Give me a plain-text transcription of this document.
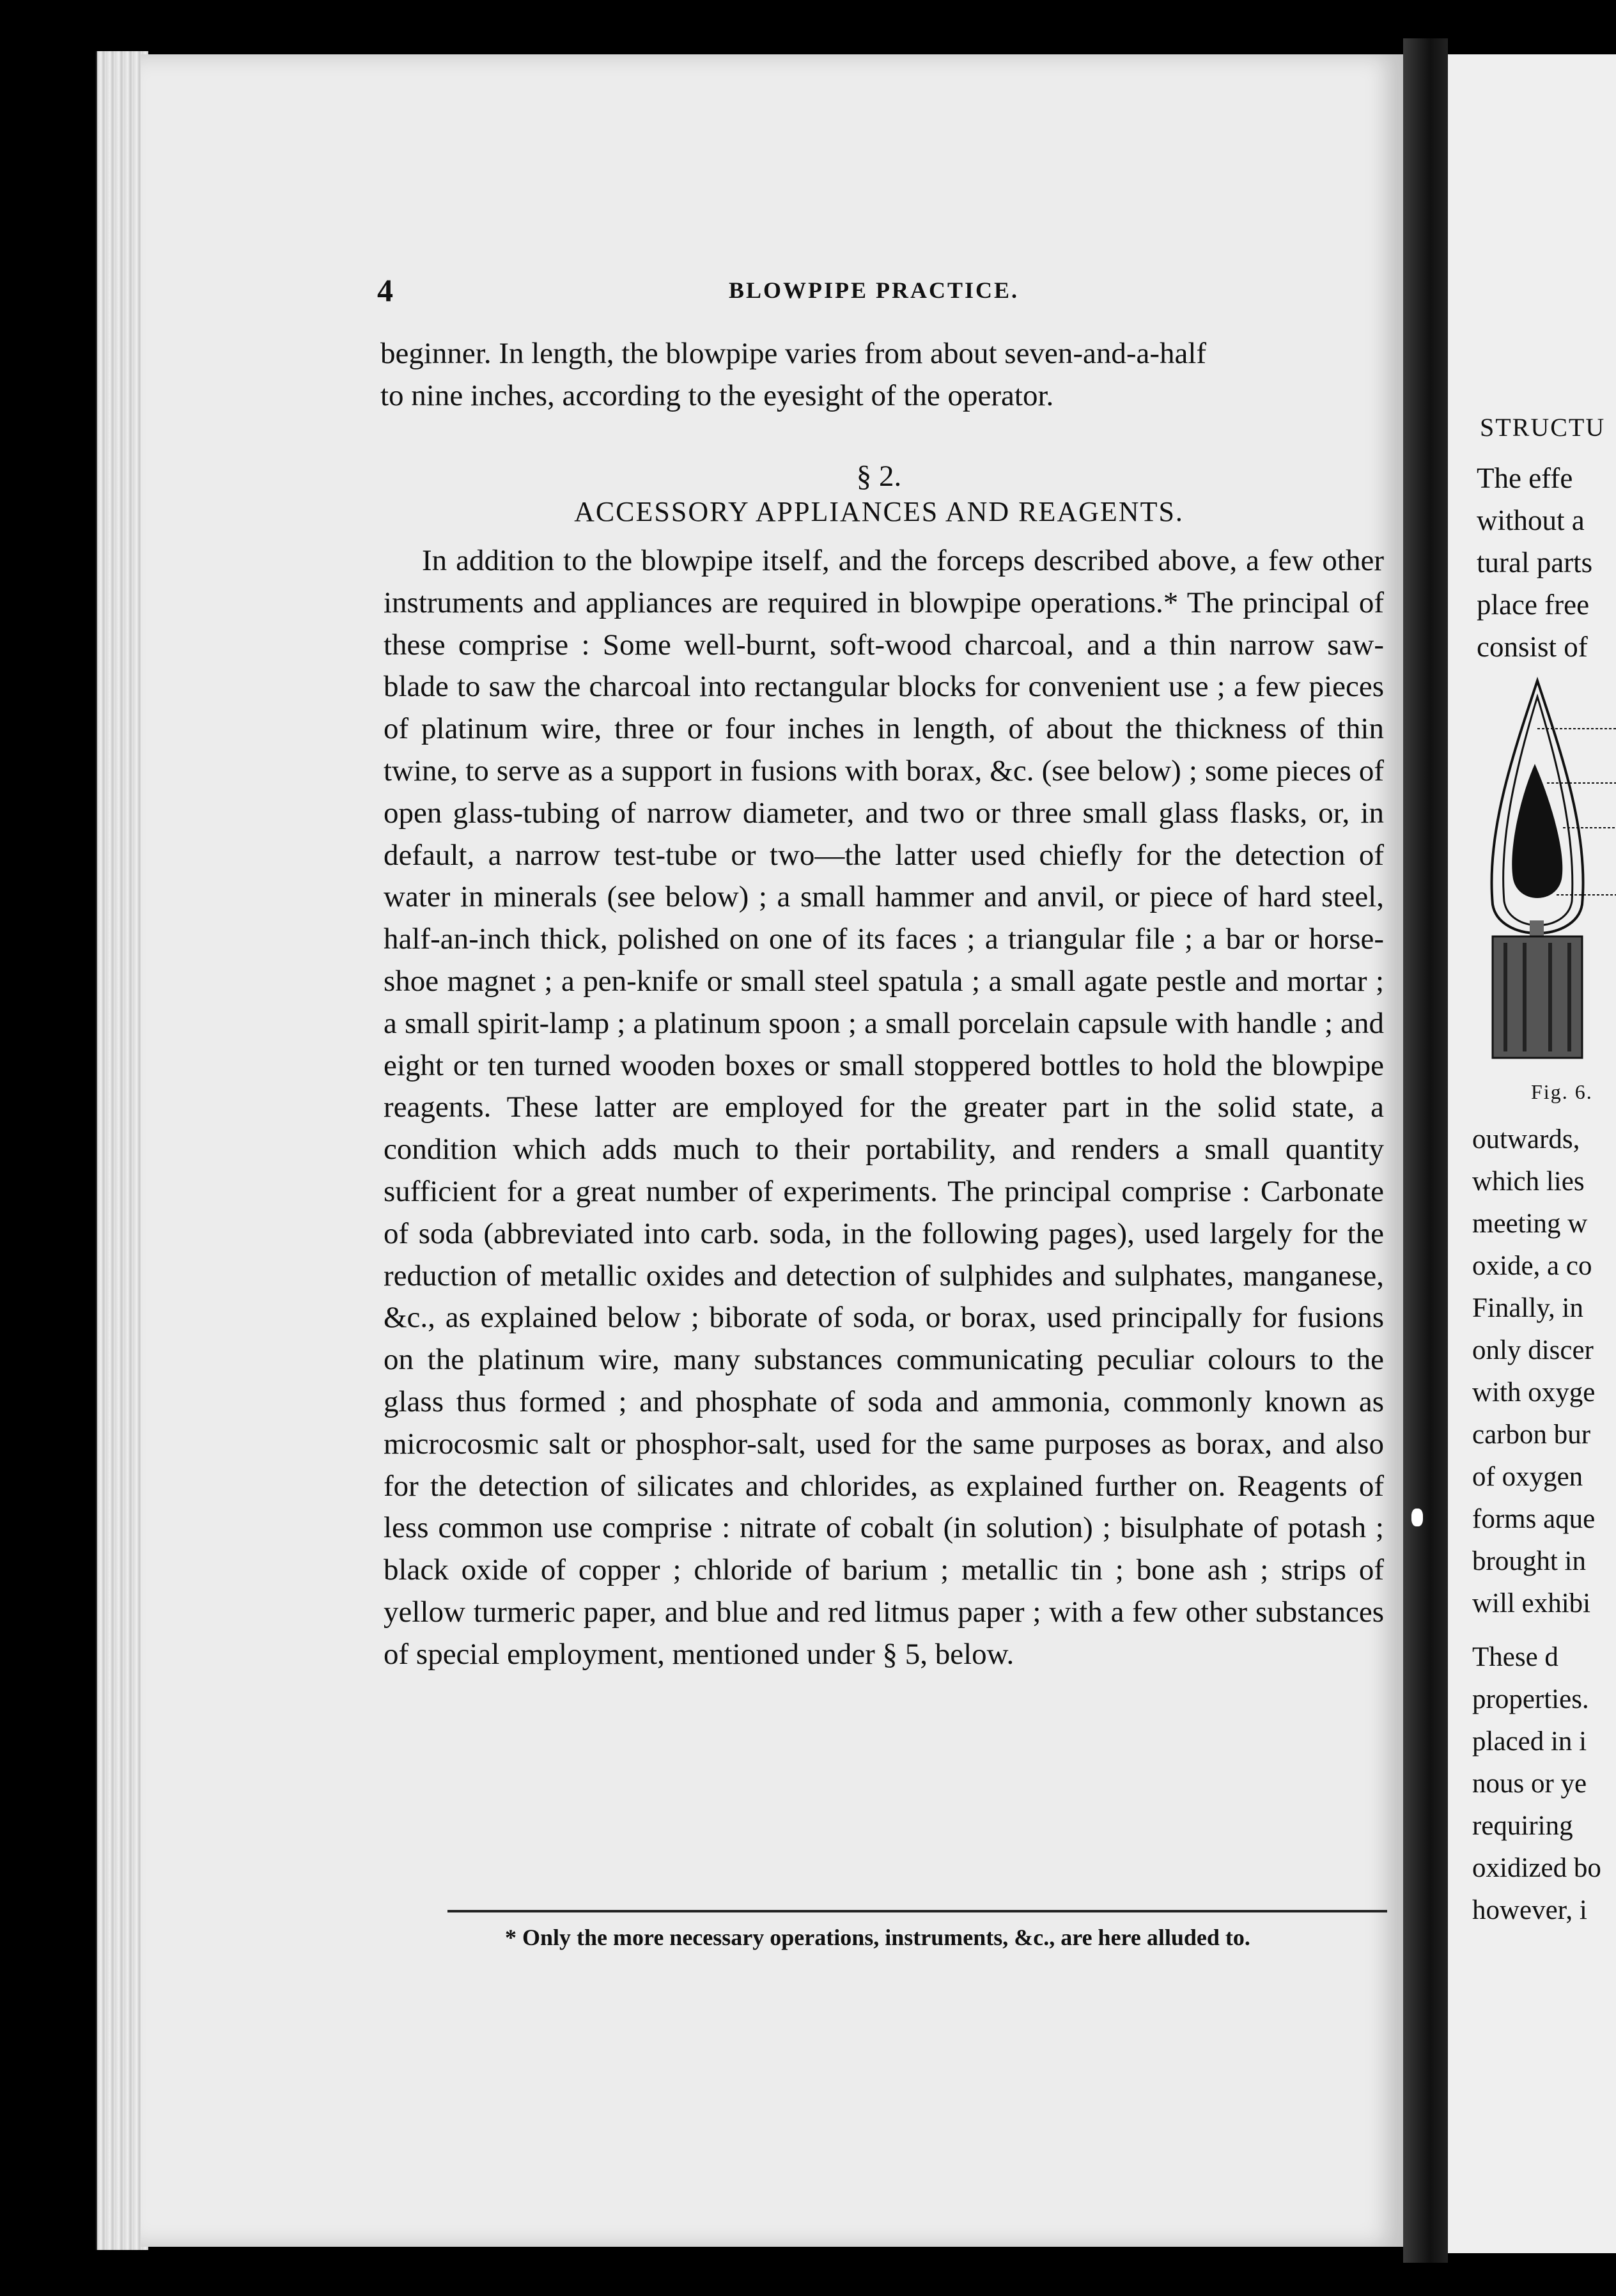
4	BLOWPIPE PRACTICE.

beginner. In length, the blowpipe varies from about seven-and-a-half

to nine inches, according to the eyesight of the operator.

§ 2.
ACCESSORY APPLIANCES AND REAGENTS.
In addition to the blowpipe itself, and the forceps described above, a few other instruments and appliances are required in blowpipe operations.* The principal of these comprise : Some well-burnt, soft-wood charcoal, and a thin narrow saw-blade to saw the charcoal into rectangular blocks for convenient use ; a few pieces of platinum wire, three or four inches in length, of about the thickness of thin twine, to serve as a support in fusions with borax, &c. (see below) ; some pieces of open glass-tubing of narrow diameter, and two or three small glass flasks, or, in default, a narrow test-tube or two—the latter used chiefly for the detection of water in minerals (see below) ; a small hammer and anvil, or piece of hard steel, half-an-inch thick, polished on one of its faces ; a triangular file ; a bar or horse-shoe magnet ; a pen-knife or small steel spatula ; a small agate pestle and mortar ; a small spirit-lamp ; a platinum spoon ; a small porcelain capsule with handle ; and eight or ten turned wooden boxes or small stoppered bottles to hold the blowpipe reagents. These latter are employed for the greater part in the solid state, a condition which adds much to their portability, and renders a small quantity sufficient for a great number of experiments. The principal comprise : Carbonate of soda (abbreviated into carb. soda, in the following pages), used largely for the reduction of metallic oxides and detection of sulphides and sulphates, manganese, &c., as explained below ; biborate of soda, or borax, used principally for fusions on the platinum wire, many substances communicating peculiar colours to the glass thus formed ; and phosphate of soda and ammonia, commonly known as microcosmic salt or phosphor-salt, used for the same purposes as borax, and also for the detection of silicates and chlorides, as explained further on. Reagents of less common use comprise : nitrate of cobalt (in solution) ; bisulphate of potash ; black oxide of copper ; chloride of barium ; metallic tin ; bone ash ; strips of yellow turmeric paper, and blue and red litmus paper ; with a few other substances of special employment, mentioned under § 5, below.
* Only the more necessary operations, instruments, &c., are here alluded to.
STRUCTU
The effe
without a
tural parts
place free
consist of
Fig. 6.
outwards,
which lies
meeting w
oxide, a co
Finally, in
only discer
with oxyge
carbon bur
of oxygen
forms aque
brought in
will exhibi
These d
properties.
placed in i
nous or ye
requiring
oxidized bo
however, i
